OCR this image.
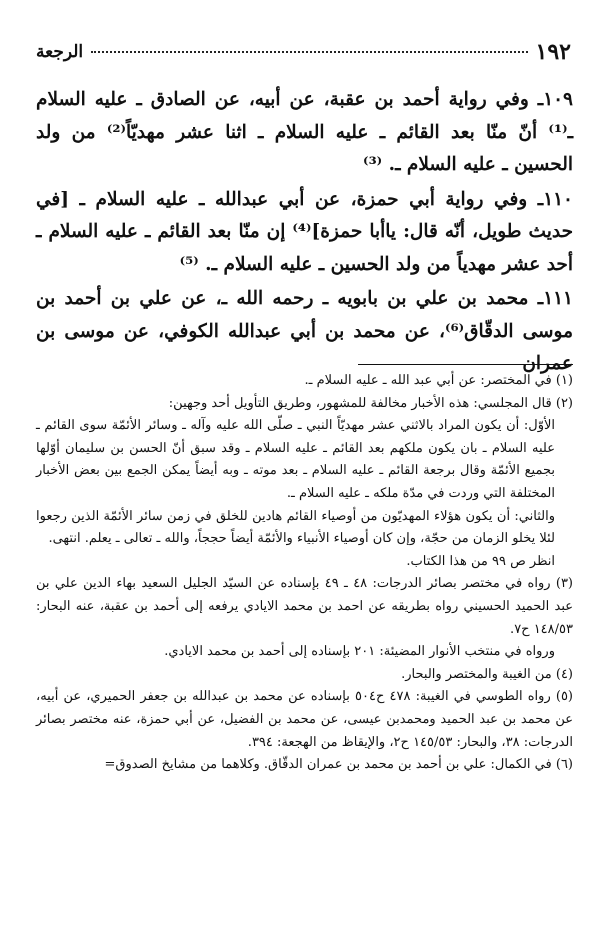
١٩٢
الرجعة

١٠٩ـ وفي رواية أحمد بن عقبة، عن أبيه، عن الصادق ـ عليه السلام ـ⁽¹⁾ أنّ منّا بعد القائم ـ عليه السلام ـ اثنا عشر مهديّاً⁽²⁾ من ولد الحسين ـ عليه السلام ـ. ⁽³⁾

١١٠ـ وفي رواية أبي حمزة، عن أبي عبدالله ـ عليه السلام ـ [في حديث طويل، أنّه قال: ياأبا حمزة]⁽⁴⁾ إن منّا بعد القائم ـ عليه السلام ـ أحد عشر مهدياً من ولد الحسين ـ عليه السلام ـ. ⁽⁵⁾

١١١ـ محمد بن علي بن بابويه ـ رحمه الله ـ، عن علي بن أحمد بن موسى الدقّاق⁽⁶⁾، عن محمد بن أبي عبدالله الكوفي، عن موسى بن عمران

(١) في المختصر: عن أبي عبد الله ـ عليه السلام ـ.

(٢) قال المجلسي: هذه الأخبار مخالفة للمشهور، وطريق التأويل أحد وجهين:

الأوّل: أن يكون المراد بالاثني عشر مهديّاً النبي ـ صلّى الله عليه وآله ـ وسائر الأئمّة سوى القائم ـ عليه السلام ـ بان يكون ملكهم بعد القائم ـ عليه السلام ـ وقد سبق أنّ الحسن بن سليمان أوّلها بجميع الأئمّة وقال برجعة القائم ـ عليه السلام ـ بعد موته ـ وبه أيضاً يمكن الجمع بين بعض الأخبار المختلفة التي وردت في مدّة ملكه ـ عليه السلام ـ.

والثاني: أن يكون هؤلاء المهديّون من أوصياء القائم هادين للخلق في زمن سائر الأئمّة الذين رجعوا لئلا يخلو الزمان من حجّة، وإن كان أوصياء الأنبياء والأئمّة أيضاً حججاً، والله ـ تعالى ـ يعلم. انتهى.

انظر ص ٩٩ من هذا الكتاب.

(٣) رواه في مختصر بصائر الدرجات: ٤٨ ـ ٤٩ بإسناده عن السيّد الجليل السعيد بهاء الدين علي بن عبد الحميد الحسيني رواه بطريقه عن احمد بن محمد الايادي يرفعه إلى أحمد بن عقبة، عنه البحار: ١٤٨/٥٣ ح٧.

ورواه في منتخب الأنوار المضيئة: ٢٠١ بإسناده إلى أحمد بن محمد الايادي.

(٤) من الغيبة والمختصر والبحار.

(٥) رواه الطوسي في الغيبة: ٤٧٨ ح٥٠٤ بإسناده عن محمد بن عبدالله بن جعفر الحميري، عن أبيه، عن محمد بن عبد الحميد ومحمدبن عيسى، عن محمد بن الفضيل، عن أبي حمزة، عنه مختصر بصائر الدرجات: ٣٨، والبحار: ١٤٥/٥٣ ح٢، والإيقاظ من الهجعة: ٣٩٤.

(٦) في الكمال: علي بن أحمد بن محمد بن عمران الدقّاق. وكلاهما من مشايخ الصدوق=
